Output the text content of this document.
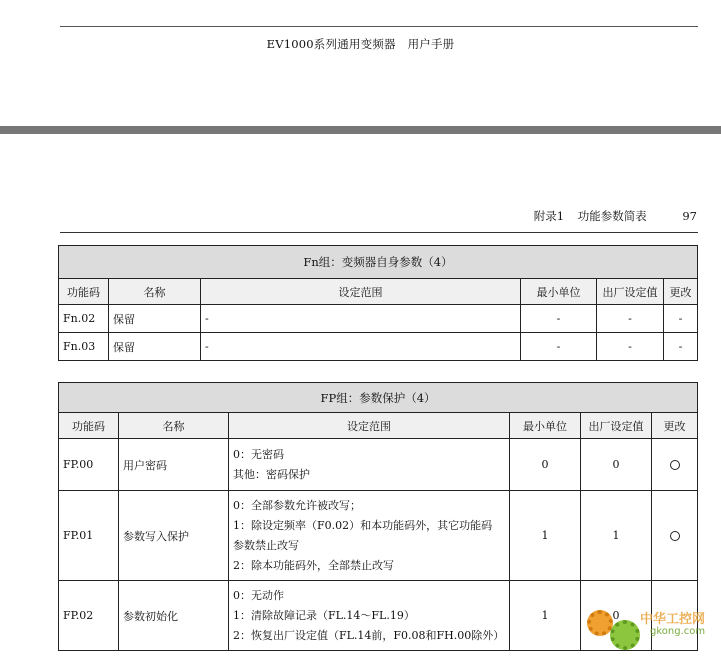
EV1000系列通用变频器 用户手册
附录1 功能参数简表	97
Fn组：变频器自身参数（4）					
功能码	名称	设定范围	最小单位	出厂设定值	更改
Fn.02	保留	-	-	-	-
Fn.03	保留	-	-	-	-
FP组：参数保护（4）					
功能码	名称	设定范围	最小单位	出厂设定值	更改
FP.00	用户密码	0：无密码
其他：密码保护	0	0	
FP.01	参数写入保护	0：全部参数允许被改写；
1：除设定频率（F0.02）和本功能码外，其它功能码
参数禁止改写
2：除本功能码外，全部禁止改写	1	1	
FP.02	参数初始化	0：无动作
1：清除故障记录（FL.14～FL.19）
2：恢复出厂设定值（FL.14前，F0.08和FH.00除外）	1	0	中华工控网
gkong.com
